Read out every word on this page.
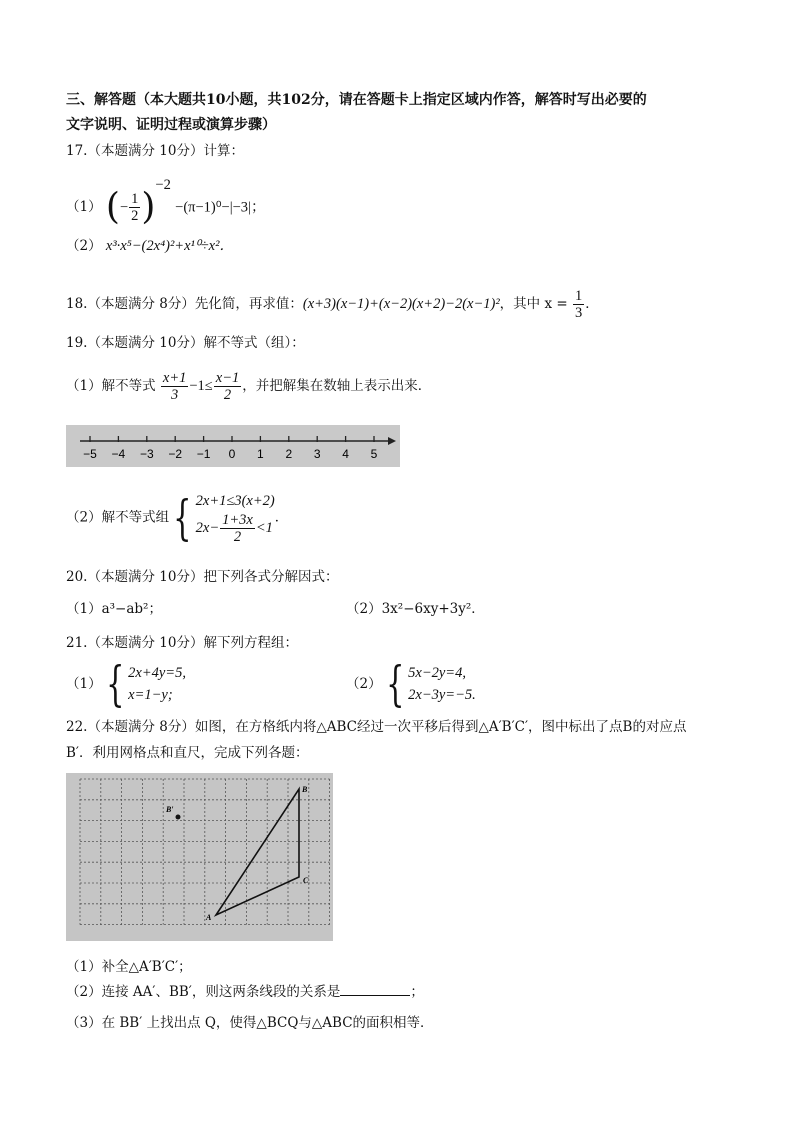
三、解答题（本大题共10小题，共102分，请在答题卡上指定区域内作答，解答时写出必要的
文字说明、证明过程或演算步骤）
17.（本题满分 10分）计算：
（1） (− $\frac{1}{2} )^{-2} -(\pi-1)^0-|-3|$；
（2） x³·x⁵−(2x⁴)²+x¹⁰÷x²．
18.（本题满分 8分）先化简，再求值：(x+3)(x−1)+(x−2)(x+2)−2(x−1)²，其中 $x = \frac{1}{3}$ ．
19.（本题满分 10分）解不等式（组）：
（1）解不等式 $\frac{x+1}{3} -1\le \frac{x-1}{2}$ ，并把解集在数轴上表示出来．
−5 −4 −3 −2 −1 0 1 2 3 4 5
（2）解不等式组{ 2x+1≤3(x+2)
$2x- \frac{1+3x}{2} <1$
．
20.（本题满分 10分）把下列各式分解因式：
（1）a³−ab²；	（2）3x²−6xy+3y²．
21.（本题满分 10分）解下列方程组：
（1）{ 2x+4y=5,
x=1−y;
（2）{ 5x−2y=4,
2x−3y=−5.
22.（本题满分 8分）如图，在方格纸内将△ABC经过一次平移后得到△A′B′C′，图中标出了点B的对应点
B′．利用网格点和直尺，完成下列各题：
B′
A
B
C
（1）补全△A′B′C′；
（2）连接 AA′、BB′，则这两条线段的关系是	；
（3）在 BB′ 上找出点 Q，使得△BCQ与△ABC的面积相等．
